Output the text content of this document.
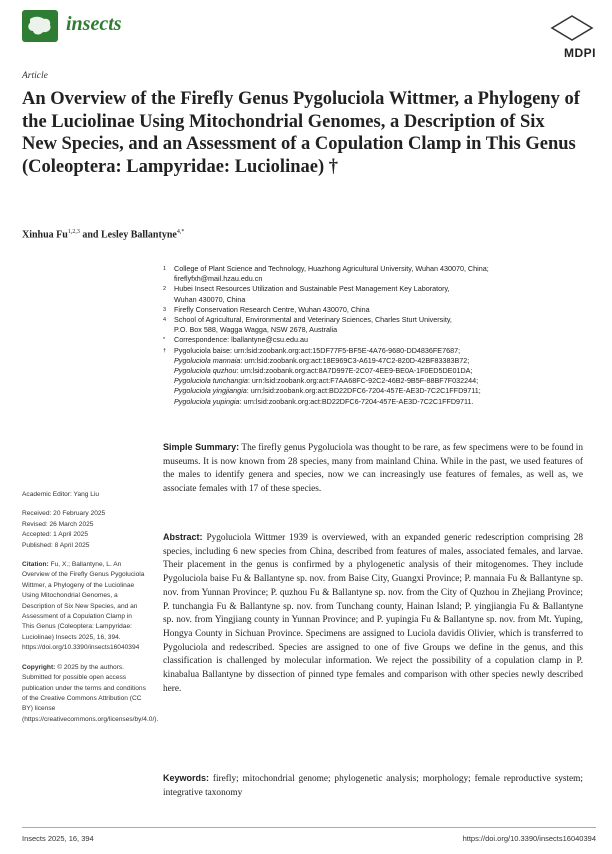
insects
MDPI
Article
An Overview of the Firefly Genus Pygoluciola Wittmer, a Phylogeny of the Luciolinae Using Mitochondrial Genomes, a Description of Six New Species, and an Assessment of a Copulation Clamp in This Genus (Coleoptera: Lampyridae: Luciolinae) †
Xinhua Fu$^{1,2,3}$ and Lesley Ballantyne$^{4,*}$
1	College of Plant Science and Technology, Huazhong Agricultural University, Wuhan 430070, China;
fireflyfxh@mail.hzau.edu.cn
2	Hubei Insect Resources Utilization and Sustainable Pest Management Key Laboratory,
Wuhan 430070, China
3	Firefly Conservation Research Centre, Wuhan 430070, China
4	School of Agricultural, Environmental and Veterinary Sciences, Charles Sturt University,
P.O. Box 588, Wagga Wagga, NSW 2678, Australia
*	Correspondence: lballantyne@csu.edu.au
†	Pygoluciola baise: urn:lsid:zoobank.org:act:15DF77F5-BF5E-4A76-9680-DD4836FE7687;
Pygoluciola mannaia: urn:lsid:zoobank.org:act:18E969C3-A619-47C2-820D-42BF83383B72;
Pygoluciola quzhou: urn:lsid:zoobank.org:act:8A7D997E-2C07-4EE9-BE0A-1F0ED5DE01DA;
Pygoluciola tunchangia: urn:lsid:zoobank.org:act:F7AA68FC-92C2-46B2-9B5F-88BF7F032244;
Pygoluciola yingjiangia: urn:lsid:zoobank.org:act:BD22DFC6-7204-457E-AE3D-7C2C1FFD9711;
Pygoluciola yupingia: urn:lsid:zoobank.org:act:BD22DFC6-7204-457E-AE3D-7C2C1FFD9711.
Academic Editor: Yang Liu
Received: 20 February 2025
Revised: 26 March 2025
Accepted: 1 April 2025
Published: 8 April 2025
Citation: Fu, X.; Ballantyne, L. An Overview of the Firefly Genus Pygoluciola Wittmer, a Phylogeny of the Luciolinae Using Mitochondrial Genomes, a Description of Six New Species, and an Assessment of a Copulation Clamp in This Genus (Coleoptera: Lampyridae: Luciolinae) Insects 2025, 16, 394. https://doi.org/10.3390/insects16040394
Copyright: © 2025 by the authors. Submitted for possible open access publication under the terms and conditions of the Creative Commons Attribution (CC BY) license (https://creativecommons.org/licenses/by/4.0/).
Simple Summary: The firefly genus Pygoluciola was thought to be rare, as few specimens were to be found in museums. It is now known from 28 species, many from mainland China. While in the past, we used features of the males to identify genera and species, now we can increasingly use features of females, as well as, we associate females with 17 of these species.
Abstract: Pygoluciola Wittmer 1939 is overviewed, with an expanded generic redescription comprising 28 species, including 6 new species from China, described from features of males, associated females, and larvae. Their placement in the genus is confirmed by a phylogenetic analysis of their mitogenomes. They include Pygoluciola baise Fu & Ballantyne sp. nov. from Baise City, Guangxi Province; P. mannaia Fu & Ballantyne sp. nov. from Yunnan Province; P. quzhou Fu & Ballantyne sp. nov. from the City of Quzhou in Zhejiang Province; P. tunchangia Fu & Ballantyne sp. nov. from Tunchang county, Hainan Island; P. yingjiangia Fu & Ballantyne sp. nov. from Yingjiang county in Yunnan Province; and P. yupingia Fu & Ballantyne sp. nov. from Mt. Yuping, Hongya County in Sichuan Province. Specimens are assigned to Luciola davidis Olivier, which is transferred to Pygoluciola and redescribed. Species are assigned to one of five Groups we define in the genus, and this classification is challenged by molecular information. We reject the possibility of a copulation clamp in P. kinabalua Ballantyne by dissection of pinned type females and comparison with other species newly described here.
Keywords: firefly; mitochondrial genome; phylogenetic analysis; morphology; female reproductive system; integrative taxonomy
Insects 2025, 16, 394	https://doi.org/10.3390/insects16040394
